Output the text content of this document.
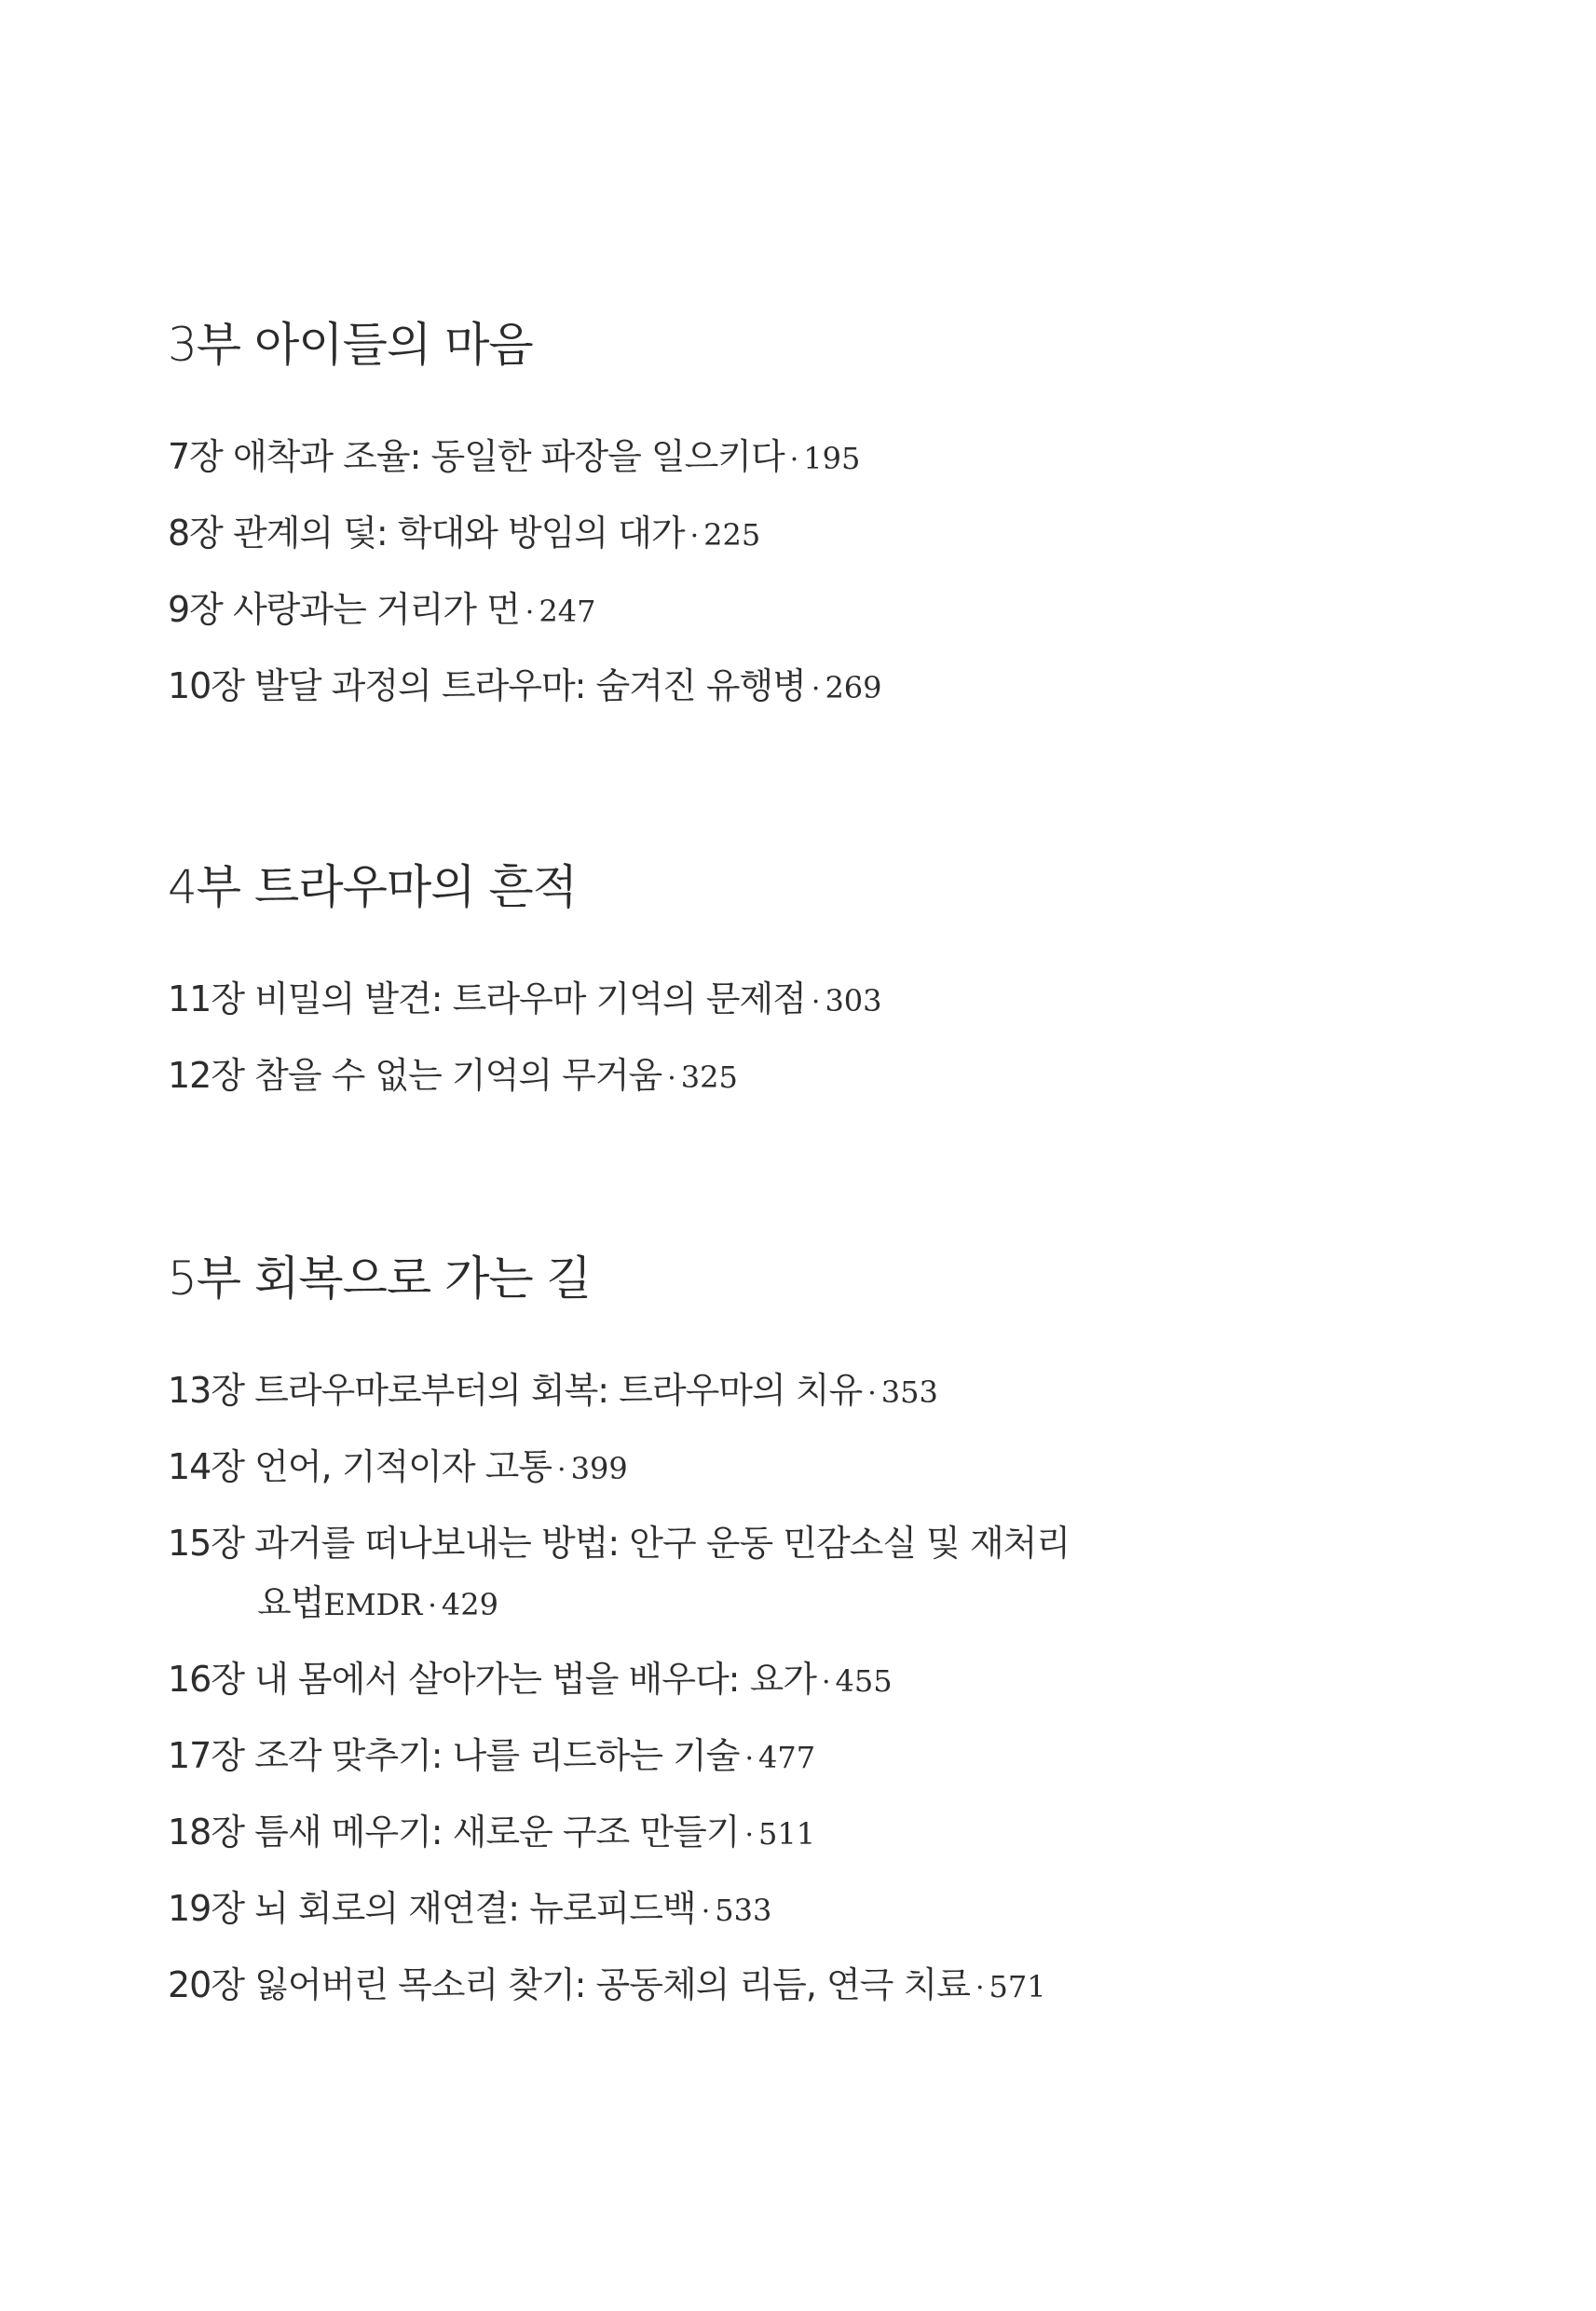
3부 아이들의 마음
7장 애착과 조율: 동일한 파장을 일으키다 · 195
8장 관계의 덫: 학대와 방임의 대가 · 225
9장 사랑과는 거리가 먼 · 247
10장 발달 과정의 트라우마: 숨겨진 유행병 · 269
4부 트라우마의 흔적
11장 비밀의 발견: 트라우마 기억의 문제점 · 303
12장 참을 수 없는 기억의 무거움 · 325
5부 회복으로 가는 길
13장 트라우마로부터의 회복: 트라우마의 치유 · 353
14장 언어, 기적이자 고통 · 399
15장 과거를 떠나보내는 방법: 안구 운동 민감소실 및 재처리
요법EMDR · 429
16장 내 몸에서 살아가는 법을 배우다: 요가 · 455
17장 조각 맞추기: 나를 리드하는 기술 · 477
18장 틈새 메우기: 새로운 구조 만들기 · 511
19장 뇌 회로의 재연결: 뉴로피드백 · 533
20장 잃어버린 목소리 찾기: 공동체의 리듬, 연극 치료 · 571
